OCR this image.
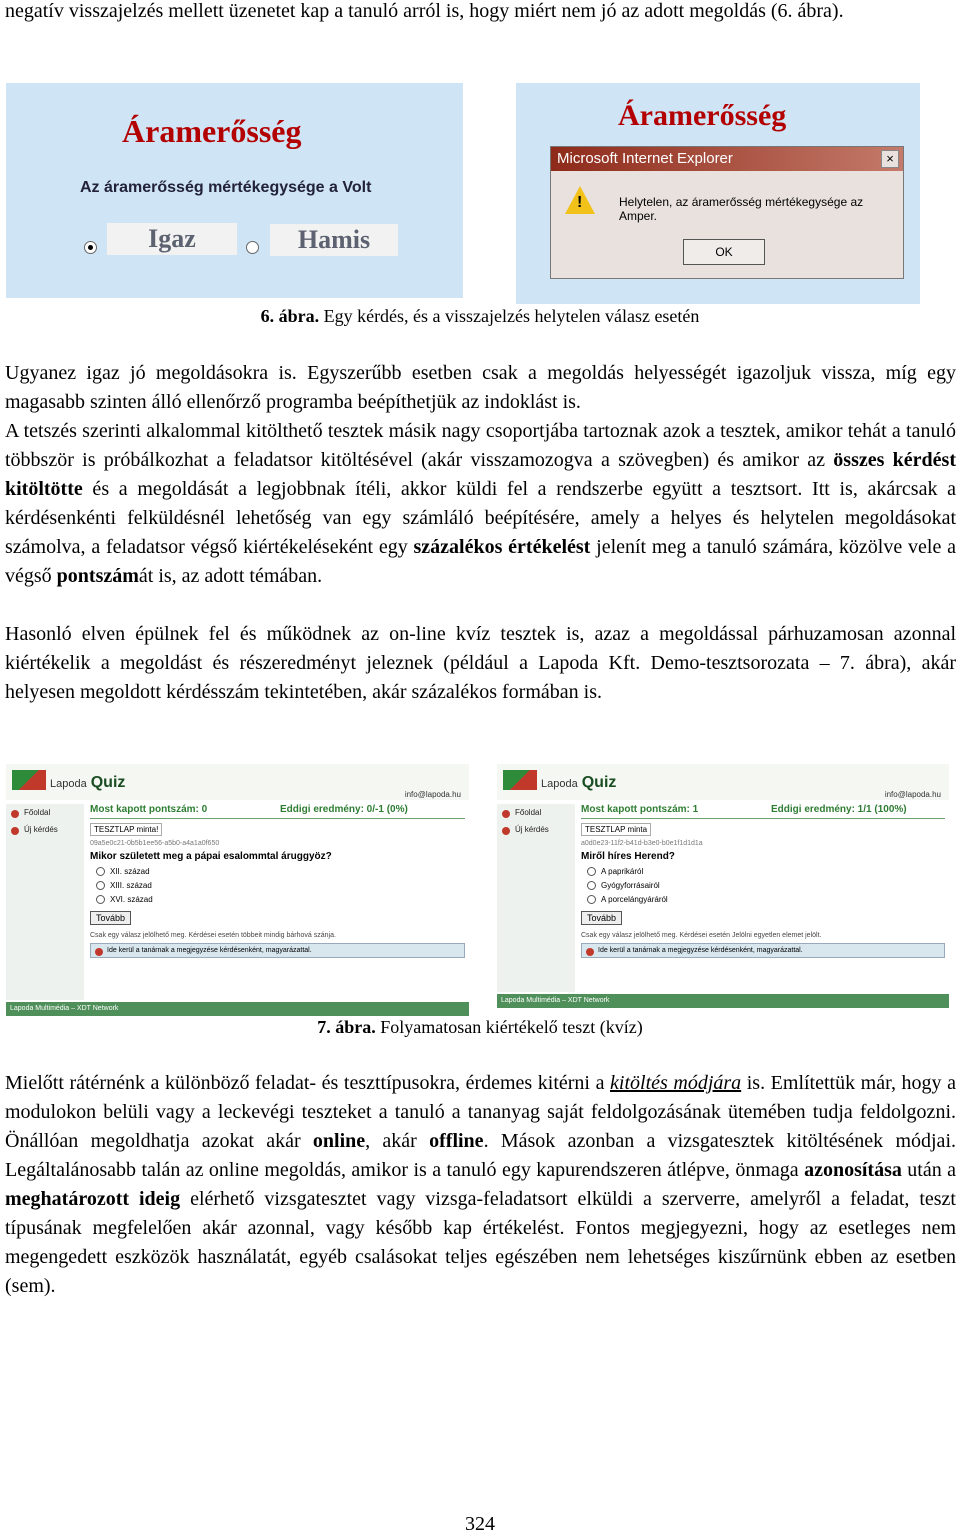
negatív visszajelzés mellett üzenetet kap a tanuló arról is, hogy miért nem jó az adott megoldás (6. ábra).

Áramerősség
Az áramerősség mértékegysége a Volt
Igaz	Hamis
Áramerősség
Microsoft Internet Explorer	×
!	Helytelen, az áramerősség mértékegysége az Amper.
OK
6. ábra. Egy kérdés, és a visszajelzés helytelen válasz esetén

Ugyanez igaz jó megoldásokra is. Egyszerűbb esetben csak a megoldás helyességét igazoljuk vissza, míg egy magasabb szinten álló ellenőrző programba beépíthetjük az indoklást is.

A tetszés szerinti alkalommal kitölthető tesztek másik nagy csoportjába tartoznak azok a tesztek, amikor tehát a tanuló többször is próbálkozhat a feladatsor kitöltésével (akár visszamozogva a szövegben) és amikor az összes kérdést kitöltötte és a megoldását a legjobbnak ítéli, akkor küldi fel a rendszerbe együtt a tesztsort. Itt is, akárcsak a kérdésenkénti felküldésnél lehetőség van egy számláló beépítésére, amely a helyes és helytelen megoldásokat számolva, a feladatsor végső kiértékeléseként egy százalékos értékelést jelenít meg a tanuló számára, közölve vele a végső pontszámát is, az adott témában.

Hasonló elven épülnek fel és működnek az on-line kvíz tesztek is, azaz a megoldással párhuzamosan azonnal kiértékelik a megoldást és részeredményt jeleznek (például a Lapoda Kft. Demo-tesztsorozata – 7. ábra), akár helyesen megoldott kérdésszám tekintetében, akár százalékos formában is.

Lapoda Quiz
info@lapoda.hu
Főoldal
Új kérdés
Most kapott pontszám: 0	Eddigi eredmény: 0/-1 (0%)
TESZTLAP minta!
09a5e0c21-0b5b1ee56-a5b0-a4a1a0f650
Mikor született meg a pápai esalommtal áruggyöz?
XII. század
XIII. század
XVI. század
Tovább
Csak egy válasz jelölhető meg. Kérdései esetén többeit mindig bárhová szánja.
Ide kerül a tanárnak a megjegyzése kérdésenként, magyarázattal.
Lapoda Multimédia – XDT Network
Lapoda Quiz
info@lapoda.hu
Főoldal
Új kérdés
Most kapott pontszám: 1	Eddigi eredmény: 1/1 (100%)
TESZTLAP minta
a0d0e23-11f2-b41d-b3e0-b0e1f1d1d1a
Miről híres Herend?
A paprikáról
Gyógyforrásairól
A porcelángyáráról
Tovább
Csak egy válasz jelölhető meg. Kérdései esetén Jelölni egyetlen elemet jelölt.
Ide kerül a tanárnak a megjegyzése kérdésenként, magyarázattal.
Lapoda Multimédia – XDT Network
7. ábra. Folyamatosan kiértékelő teszt (kvíz)

Mielőtt rátérnénk a különböző feladat- és teszttípusokra, érdemes kitérni a kitöltés módjára is. Említettük már, hogy a modulokon belüli vagy a leckevégi teszteket a tanuló a tananyag saját feldolgozásának ütemében tudja feldolgozni. Önállóan megoldhatja azokat akár online, akár offline. Mások azonban a vizsgatesztek kitöltésének módjai. Legáltalánosabb talán az online megoldás, amikor is a tanuló egy kapurendszeren átlépve, önmaga azonosítása után a meghatározott ideig elérhető vizsgatesztet vagy vizsga-feladatsort elküldi a szerverre, amelyről a feladat, teszt típusának megfelelően akár azonnal, vagy később kap értékelést. Fontos megjegyezni, hogy az esetleges nem megengedett eszközök használatát, egyéb csalásokat teljes egészében nem lehetséges kiszűrnünk ebben az esetben (sem).

324
